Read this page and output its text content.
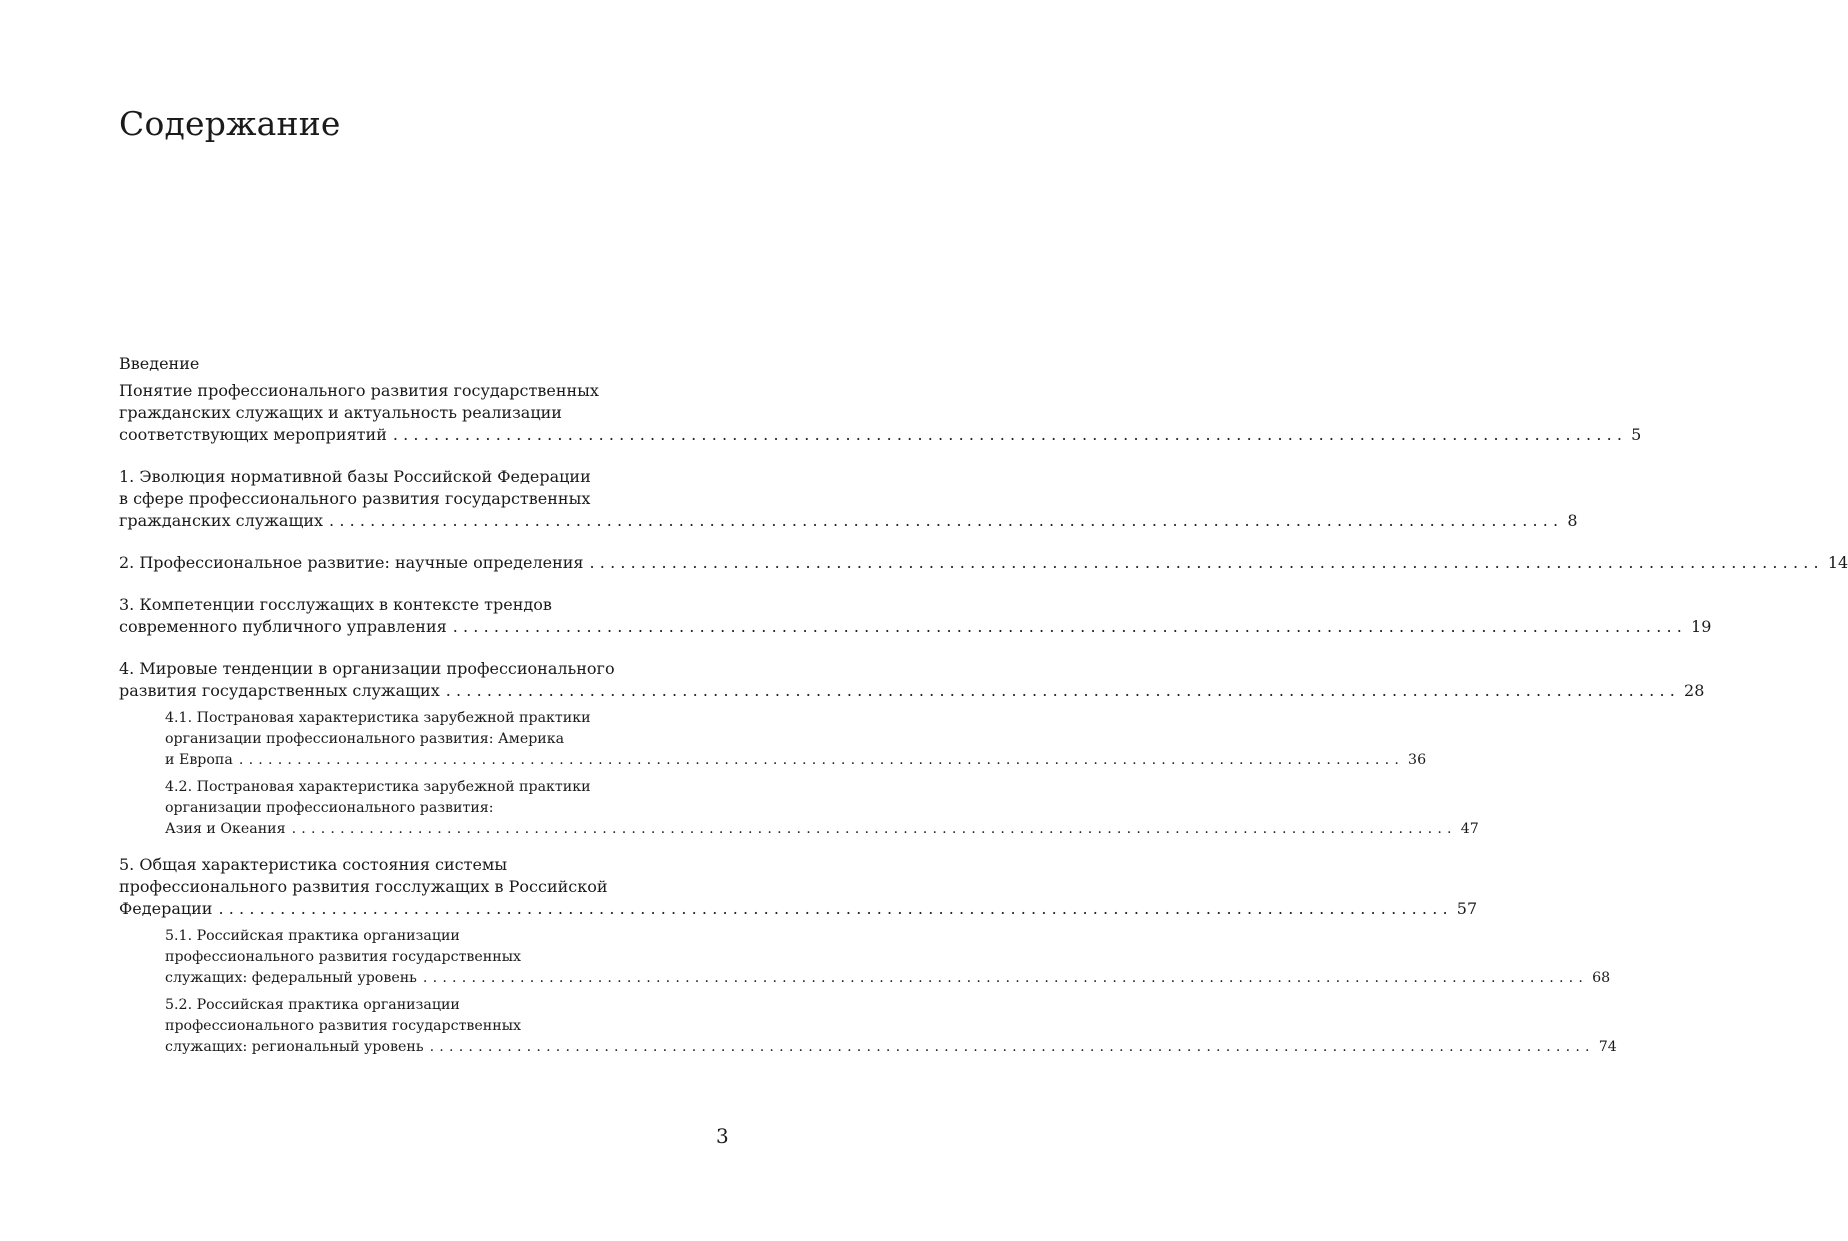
Содержание
Введение
Понятие профессионального развития государственных
гражданских служащих и актуальность реализации
соответствующих мероприятий ........................................................................................................................ 5
1. Эволюция нормативной базы Российской Федерации
в сфере профессионального развития государственных
гражданских служащих ........................................................................................................................ 8
2. Профессиональное развитие: научные определения ........................................................................................................................ 14
3. Компетенции госслужащих в контексте трендов
современного публичного управления ........................................................................................................................ 19
4. Мировые тенденции в организации профессионального
развития государственных служащих ........................................................................................................................ 28
4.1. Пострановая характеристика зарубежной практики
организации профессионального развития: Америка
и Европа ........................................................................................................................ 36
4.2. Пострановая характеристика зарубежной практики
организации профессионального развития:
Азия и Океания ........................................................................................................................ 47
5. Общая характеристика состояния системы
профессионального развития госслужащих в Российской
Федерации ........................................................................................................................ 57
5.1. Российская практика организации
профессионального развития государственных
служащих: федеральный уровень ........................................................................................................................ 68
5.2. Российская практика организации
профессионального развития государственных
служащих: региональный уровень ........................................................................................................................ 74
3
